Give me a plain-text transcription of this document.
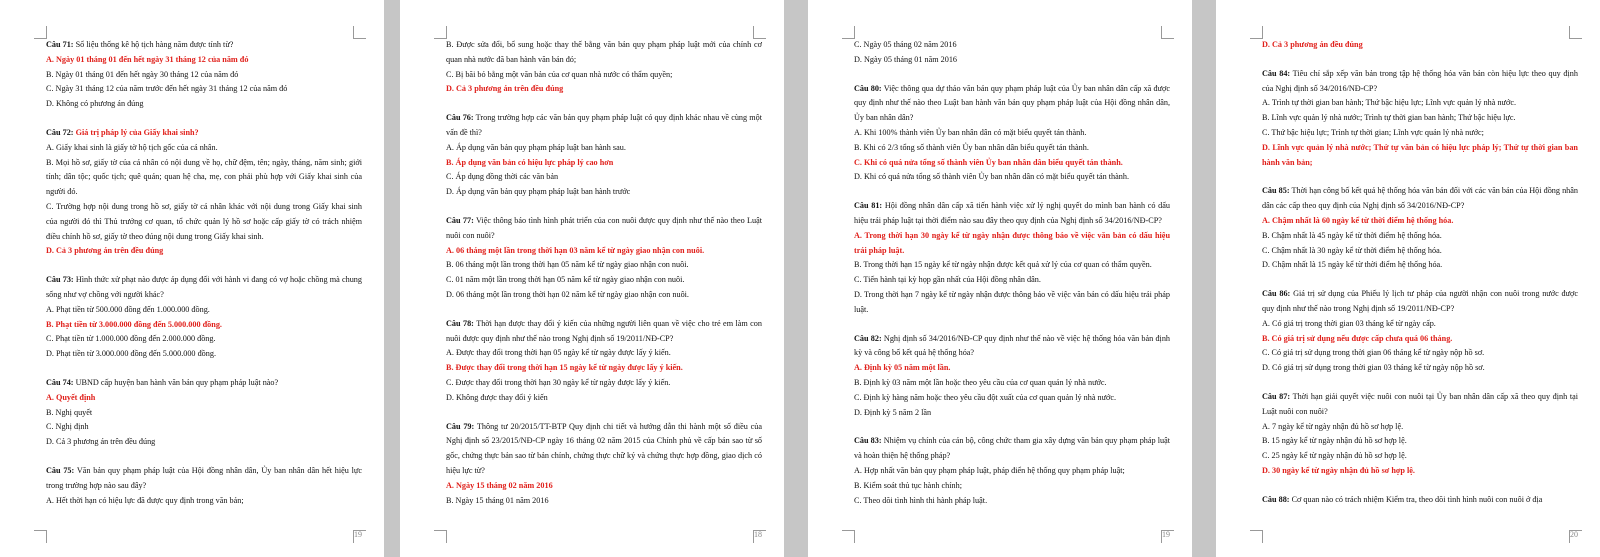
Câu 71: Sổ liệu thống kê hộ tịch hàng năm được tính từ?
A. Ngày 01 tháng 01 đến hết ngày 31 tháng 12 của năm đó
B. Ngày 01 tháng 01 đến hết ngày 30 tháng 12 của năm đó
C. Ngày 31 tháng 12 của năm trước đến hết ngày 31 tháng 12 của năm đó
D. Không có phương án đúng
Câu 72: Giá trị pháp lý của Giấy khai sinh?
A. Giấy khai sinh là giấy tờ hộ tịch gốc của cá nhân.
B. Mọi hồ sơ, giấy tờ của cá nhân có nội dung về họ, chữ đệm, tên; ngày, tháng, năm sinh; giới tính; dân tộc; quốc tịch; quê quán; quan hệ cha, mẹ, con phải phù hợp với Giấy khai sinh của người đó.
C. Trường hợp nội dung trong hồ sơ, giấy tờ cá nhân khác với nội dung trong Giấy khai sinh của người đó thì Thủ trưởng cơ quan, tổ chức quản lý hồ sơ hoặc cấp giấy tờ có trách nhiệm điều chỉnh hồ sơ, giấy tờ theo đúng nội dung trong Giấy khai sinh.
D. Cả 3 phương án trên đều đúng
Câu 73: Hình thức xử phạt nào được áp dụng đối với hành vi đang có vợ hoặc chồng mà chung sống như vợ chồng với người khác?
A. Phạt tiền từ 500.000 đồng đến 1.000.000 đồng.
B. Phạt tiền từ 3.000.000 đồng đến 5.000.000 đồng.
C. Phạt tiền từ 1.000.000 đồng đến 2.000.000 đồng.
D. Phạt tiền từ 3.000.000 đồng đến 5.000.000 đồng.
Câu 74: UBND cấp huyện ban hành văn bản quy phạm pháp luật nào?
A. Quyết định
B. Nghị quyết
C. Nghị định
D. Cả 3 phương án trên đều đúng
Câu 75: Văn bản quy phạm pháp luật của Hội đồng nhân dân, Ủy ban nhân dân hết hiệu lực trong trường hợp nào sau đây?
A. Hết thời hạn có hiệu lực đã được quy định trong văn bản;
19
B. Được sửa đổi, bổ sung hoặc thay thế bằng văn bản quy phạm pháp luật mới của chính cơ quan nhà nước đã ban hành văn bản đó;
C. Bị bãi bỏ bằng một văn bản của cơ quan nhà nước có thẩm quyền;
D. Cả 3 phương án trên đều đúng
Câu 76: Trong trường hợp các văn bản quy phạm pháp luật có quy định khác nhau về cùng một vấn đề thì?
A. Áp dụng văn bản quy phạm pháp luật ban hành sau.
B. Áp dụng văn bản có hiệu lực pháp lý cao hơn
C. Áp dụng đồng thời các văn bản
D. Áp dụng văn bản quy phạm pháp luật ban hành trước
Câu 77: Việc thông báo tình hình phát triển của con nuôi được quy định như thế nào theo Luật nuôi con nuôi?
A. 06 tháng một lần trong thời hạn 03 năm kể từ ngày giao nhận con nuôi.
B. 06 tháng một lần trong thời hạn 05 năm kể từ ngày giao nhận con nuôi.
C. 01 năm một lần trong thời hạn 05 năm kể từ ngày giao nhận con nuôi.
D. 06 tháng một lần trong thời hạn 02 năm kể từ ngày giao nhận con nuôi.
Câu 78: Thời hạn được thay đổi ý kiến của những người liên quan về việc cho trẻ em làm con nuôi được quy định như thế nào trong Nghị định số 19/2011/NĐ-CP?
A. Được thay đổi trong thời hạn 05 ngày kể từ ngày được lấy ý kiến.
B. Được thay đổi trong thời hạn 15 ngày kể từ ngày được lấy ý kiến.
C. Được thay đổi trong thời hạn 30 ngày kể từ ngày được lấy ý kiến.
D. Không được thay đổi ý kiến
Câu 79: Thông tư 20/2015/TT-BTP Quy định chi tiết và hướng dẫn thi hành một số điều của Nghị định số 23/2015/NĐ-CP ngày 16 tháng 02 năm 2015 của Chính phủ về cấp bản sao từ số gốc, chứng thực bản sao từ bản chính, chứng thực chữ ký và chứng thực hợp đồng, giao dịch có hiệu lực từ?
A. Ngày 15 tháng 02 năm 2016
B. Ngày 15 tháng 01 năm 2016
18
C. Ngày 05 tháng 02 năm 2016
D. Ngày 05 tháng 01 năm 2016
Câu 80: Việc thông qua dự thảo văn bản quy phạm pháp luật của Ủy ban nhân dân cấp xã được quy định như thế nào theo Luật ban hành văn bản quy phạm pháp luật của Hội đồng nhân dân, Ủy ban nhân dân?
A. Khi 100% thành viên Ủy ban nhân dân có mặt biểu quyết tán thành.
B. Khi có 2/3 tổng số thành viên Ủy ban nhân dân biểu quyết tán thành.
C. Khi có quá nửa tổng số thành viên Ủy ban nhân dân biểu quyết tán thành.
D. Khi có quá nửa tổng số thành viên Ủy ban nhân dân có mặt biểu quyết tán thành.
Câu 81: Hội đồng nhân dân cấp xã tiến hành việc xử lý nghị quyết do mình ban hành có dấu hiệu trái pháp luật tại thời điểm nào sau đây theo quy định của Nghị định số 34/2016/NĐ-CP?
A. Trong thời hạn 30 ngày kể từ ngày nhận được thông báo về việc văn bản có dấu hiệu trái pháp luật.
B. Trong thời hạn 15 ngày kể từ ngày nhận được kết quả xử lý của cơ quan có thẩm quyền.
C. Tiến hành tại kỳ họp gần nhất của Hội đồng nhân dân.
D. Trong thời hạn 7 ngày kể từ ngày nhận được thông báo về việc văn bản có dấu hiệu trái pháp luật.
Câu 82: Nghị định số 34/2016/NĐ-CP quy định như thế nào về việc hệ thống hóa văn bản định kỳ và công bố kết quả hệ thống hóa?
A. Định kỳ 05 năm một lần.
B. Định kỳ 03 năm một lần hoặc theo yêu cầu của cơ quan quản lý nhà nước.
C. Định kỳ hàng năm hoặc theo yêu cầu đột xuất của cơ quan quản lý nhà nước.
D. Định kỳ 5 năm 2 lần
Câu 83: Nhiệm vụ chính của cán bộ, công chức tham gia xây dựng văn bản quy phạm pháp luật và hoàn thiện hệ thống pháp?
A. Hợp nhất văn bản quy phạm pháp luật, pháp điển hệ thống quy phạm pháp luật;
B. Kiểm soát thủ tục hành chính;
C. Theo dõi tình hình thi hành pháp luật.
19
D. Cả 3 phương án đều đúng
Câu 84: Tiêu chí sắp xếp văn bản trong tập hệ thống hóa văn bản còn hiệu lực theo quy định của Nghị định số 34/2016/NĐ-CP?
A. Trình tự thời gian ban hành; Thứ bậc hiệu lực; Lĩnh vực quản lý nhà nước.
B. Lĩnh vực quản lý nhà nước; Trình tự thời gian ban hành; Thứ bậc hiệu lực.
C. Thứ bậc hiệu lực; Trình tự thời gian; Lĩnh vực quản lý nhà nước;
D. Lĩnh vực quản lý nhà nước; Thứ tự văn bản có hiệu lực pháp lý; Thứ tự thời gian ban hành văn bản;
Câu 85: Thời hạn công bố kết quả hệ thống hóa văn bản đối với các văn bản của Hội đồng nhân dân các cấp theo quy định của Nghị định số 34/2016/NĐ-CP?
A. Chậm nhất là 60 ngày kể từ thời điểm hệ thống hóa.
B. Chậm nhất là 45 ngày kể từ thời điểm hệ thống hóa.
C. Chậm nhất là 30 ngày kể từ thời điểm hệ thống hóa.
D. Chậm nhất là 15 ngày kể từ thời điểm hệ thống hóa.
Câu 86: Giá trị sử dụng của Phiếu lý lịch tư pháp của người nhận con nuôi trong nước được quy định như thế nào trong Nghị định số 19/2011/NĐ-CP?
A. Có giá trị trong thời gian 03 tháng kể từ ngày cấp.
B. Có giá trị sử dụng nếu được cấp chưa quá 06 tháng.
C. Có giá trị sử dụng trong thời gian 06 tháng kể từ ngày nộp hồ sơ.
D. Có giá trị sử dụng trong thời gian 03 tháng kể từ ngày nộp hồ sơ.
Câu 87: Thời hạn giải quyết việc nuôi con nuôi tại Ủy ban nhân dân cấp xã theo quy định tại Luật nuôi con nuôi?
A. 7 ngày kể từ ngày nhận đủ hồ sơ hợp lệ.
B. 15 ngày kể từ ngày nhận đủ hồ sơ hợp lệ.
C. 25 ngày kể từ ngày nhận đủ hồ sơ hợp lệ.
D. 30 ngày kể từ ngày nhận đủ hồ sơ hợp lệ.
Câu 88: Cơ quan nào có trách nhiệm Kiểm tra, theo dõi tình hình nuôi con nuôi ở địa
20
